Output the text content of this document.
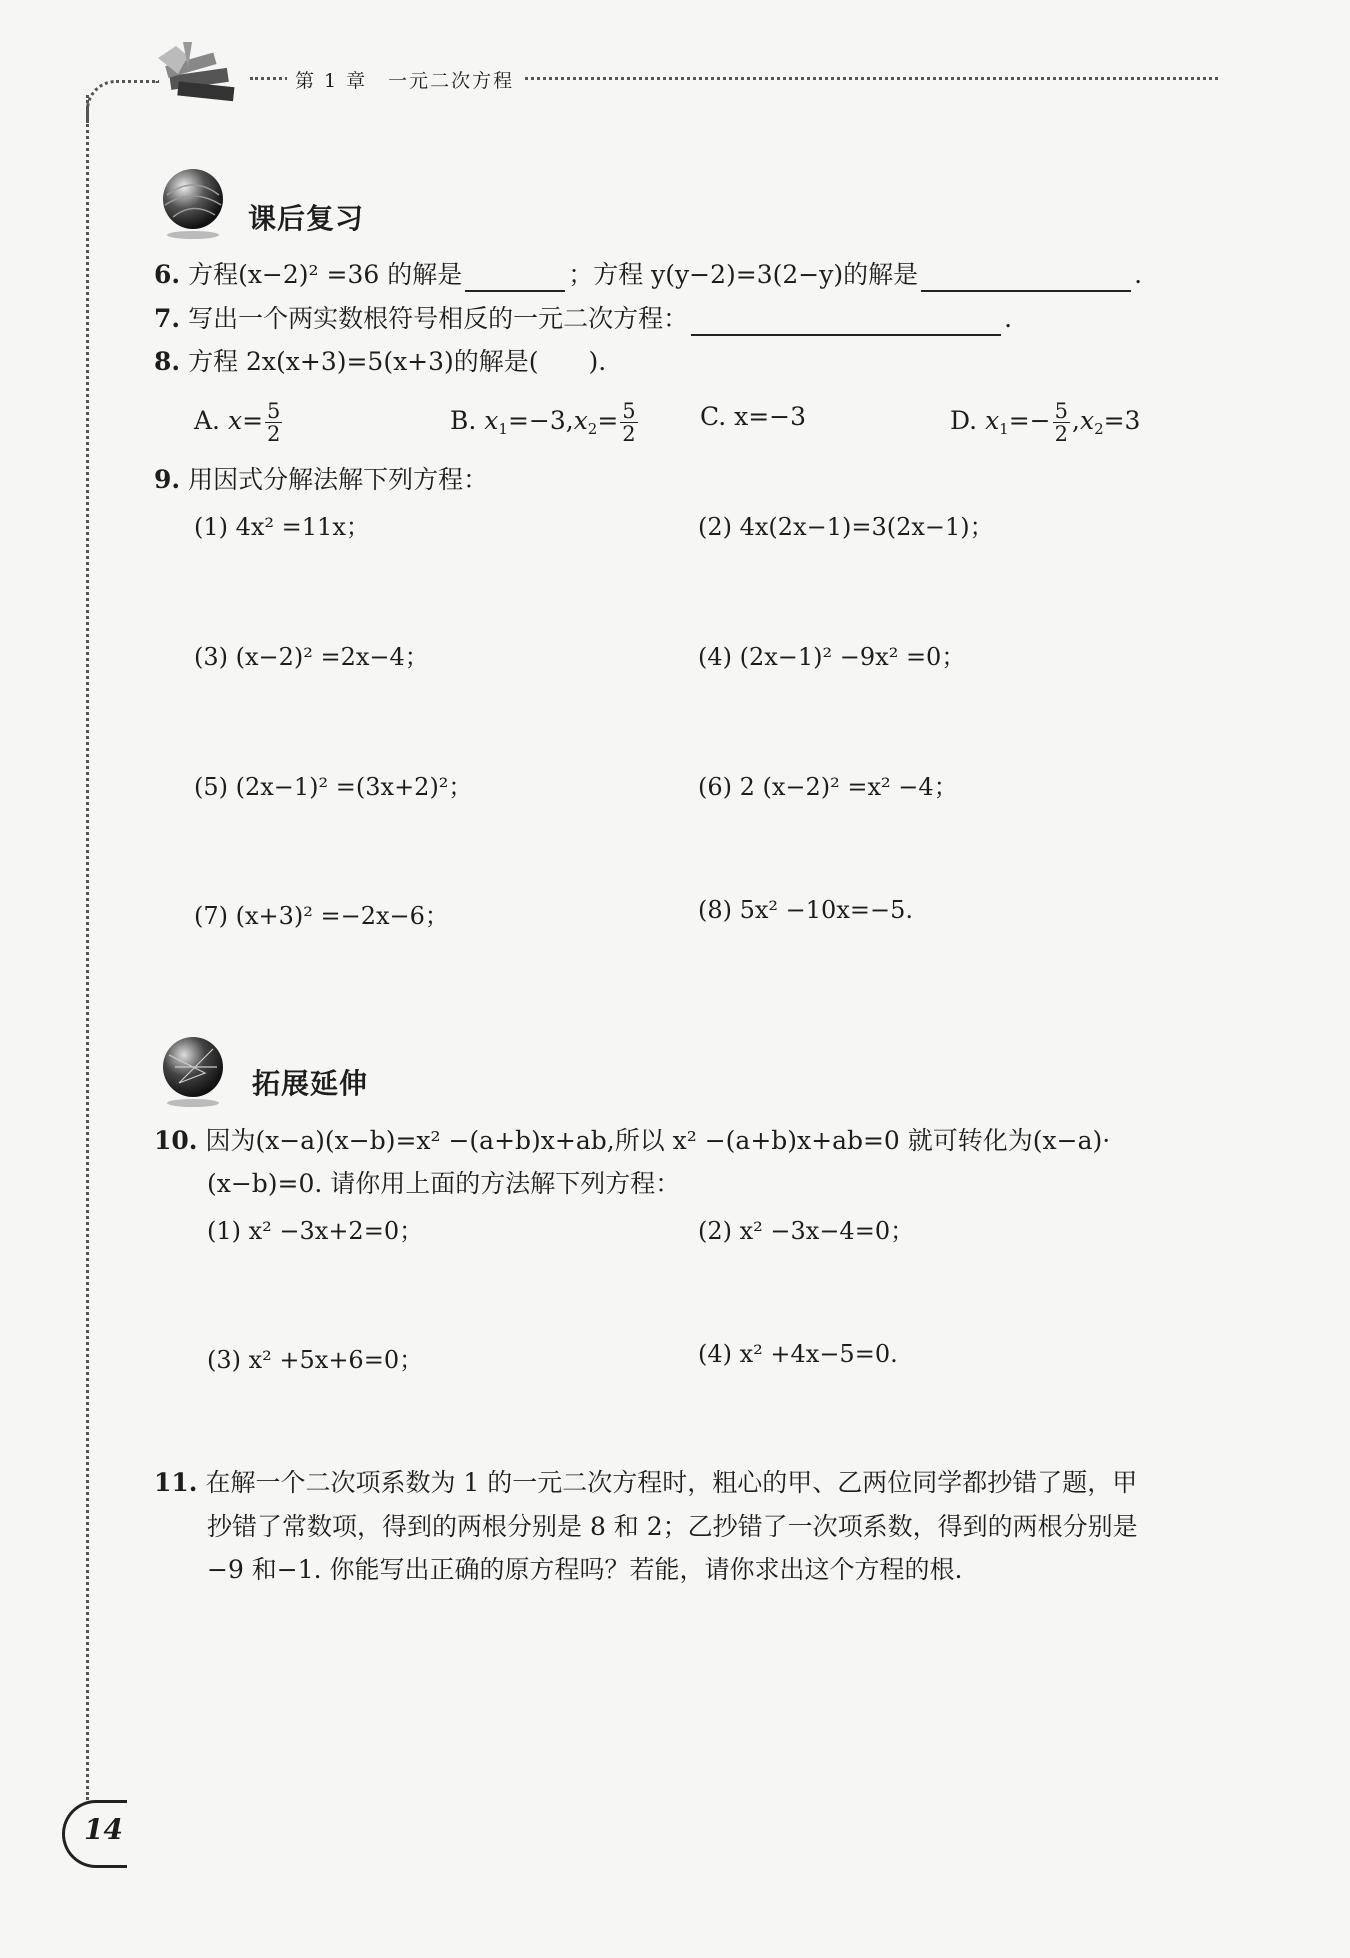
第 1 章　一元二次方程
课后复习
6. 方程(x−2)² =36 的解是	；方程 y(y−2)=3(2−y)的解是	.
7. 写出一个两实数根符号相反的一元二次方程：	.
8. 方程 2x(x+3)=5(x+3)的解是(　　).
A. $x= \frac{5}{2}$	B. $x_1=-3,x_2= \frac{5}{2} C$. x=−3	D. $x_1=- \frac{5}{2} ,x_2=3$
9. 用因式分解法解下列方程：
(1) 4x² =11x；	(2) 4x(2x−1)=3(2x−1)；
(3) (x−2)² =2x−4；	(4) (2x−1)² −9x² =0；
(5) (2x−1)² =(3x+2)²；	(6) 2 (x−2)² =x² −4；
(7) (x+3)² =−2x−6；	(8) 5x² −10x=−5.
拓展延伸
10. 因为(x−a)(x−b)=x² −(a+b)x+ab,所以 x² −(a+b)x+ab=0 就可转化为(x−a)·
(x−b)=0. 请你用上面的方法解下列方程：
(1) x² −3x+2=0；	(2) x² −3x−4=0；
(3) x² +5x+6=0；	(4) x² +4x−5=0.
11. 在解一个二次项系数为 1 的一元二次方程时，粗心的甲、乙两位同学都抄错了题，甲
抄错了常数项，得到的两根分别是 8 和 2；乙抄错了一次项系数，得到的两根分别是
−9 和−1. 你能写出正确的原方程吗？若能，请你求出这个方程的根.
14
